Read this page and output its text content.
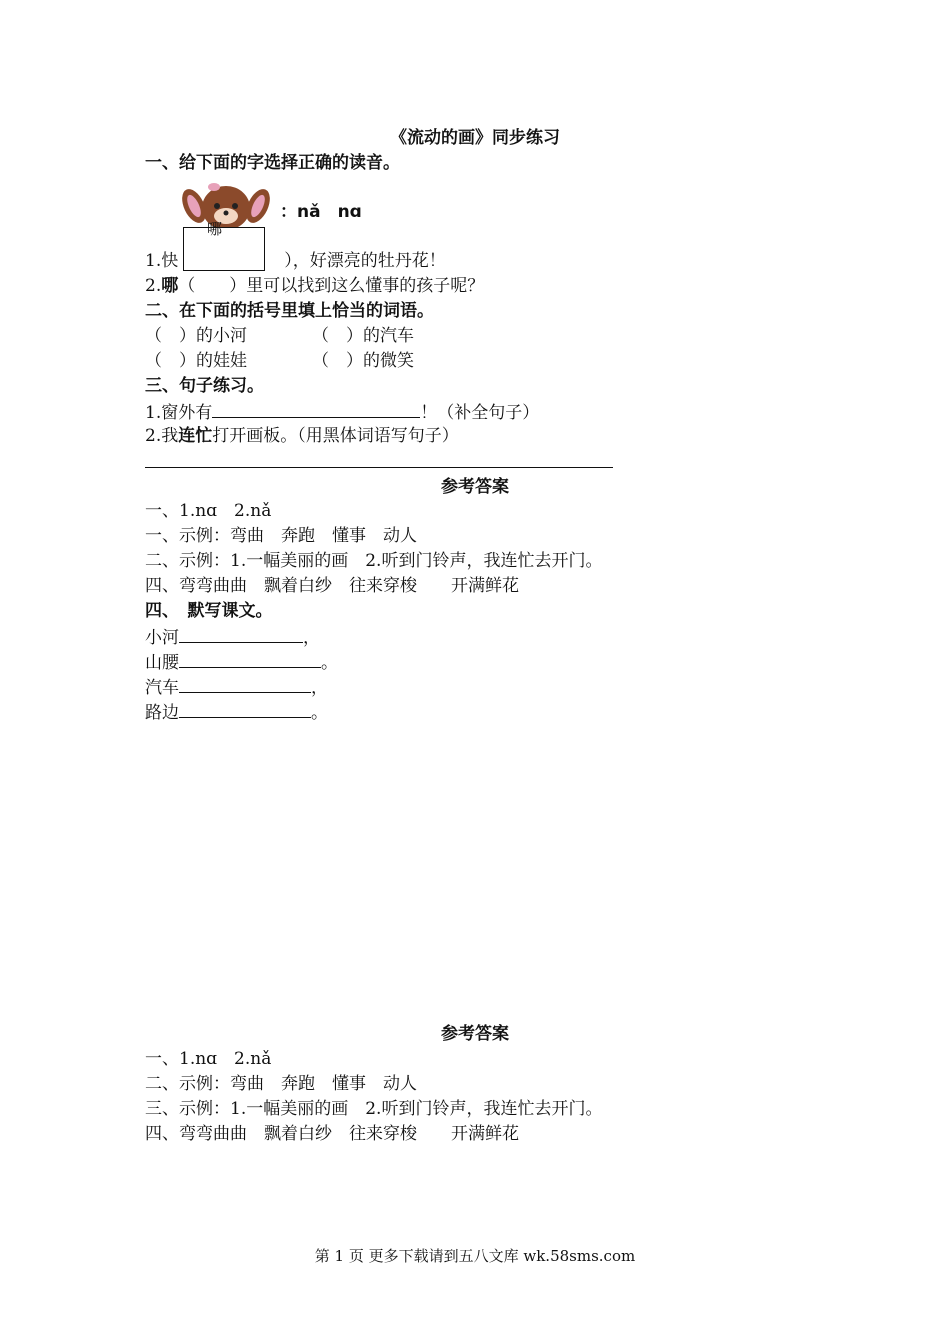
《流动的画》同步练习
一、给下面的字选择正确的读音。
哪
：nǎ　nɑ
1.快	），好漂亮的牡丹花！
2.哪（　　）里可以找到这么懂事的孩子呢？
二、在下面的括号里填上恰当的词语。
（　）的小河	（　）的汽车
（　）的娃娃	（　）的微笑
三、句子练习。
1.窗外有	！（补全句子）
2.我连忙打开画板。（用黑体词语写句子）
参考答案
一、1.nɑ　2.nǎ
一、示例：弯曲　奔跑　懂事　动人
二、示例：1.一幅美丽的画　2.听到门铃声，我连忙去开门。
四、弯弯曲曲　飘着白纱　往来穿梭　　开满鲜花
四、　默写课文。
小河	，
山腰	。
汽车	，
路边	。
参考答案
一、1.nɑ　2.nǎ
二、示例：弯曲　奔跑　懂事　动人
三、示例：1.一幅美丽的画　2.听到门铃声，我连忙去开门。
四、弯弯曲曲　飘着白纱　往来穿梭　　开满鲜花
第 1 页 更多下载请到五八文库 wk.58sms.com
